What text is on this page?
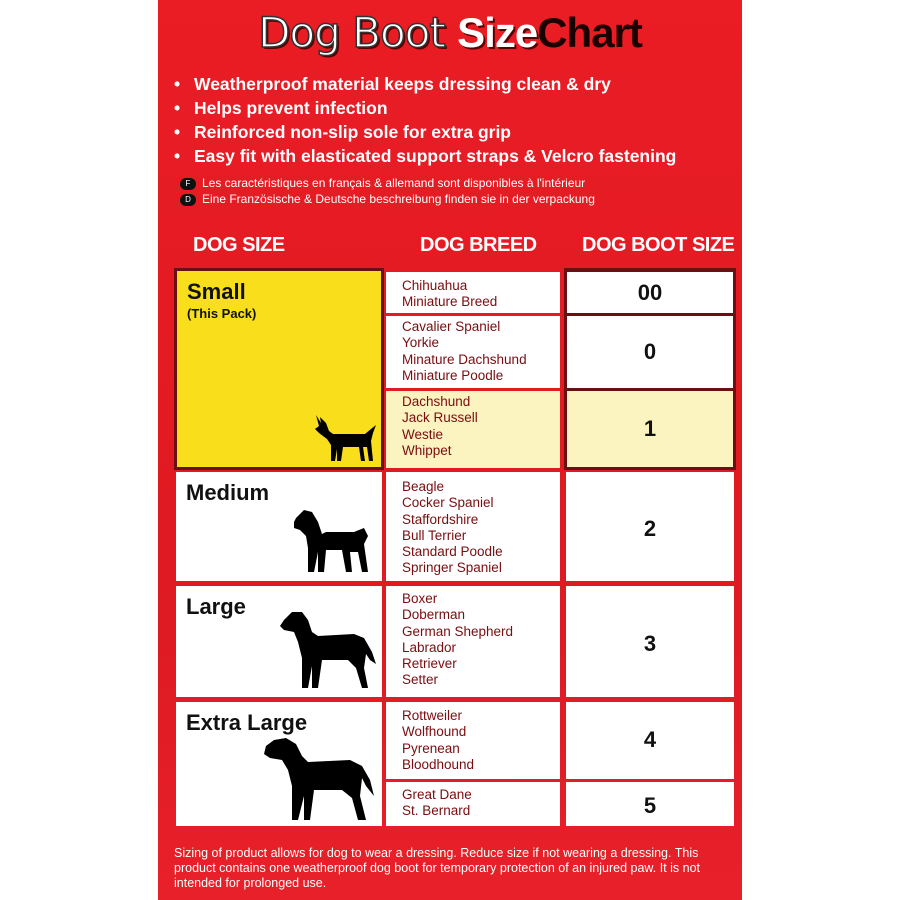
Dog Boot SizeChart
• Weatherproof material keeps dressing clean & dry
• Helps prevent infection
• Reinforced non-slip sole for extra grip
• Easy fit with elasticated support straps & Velcro fastening
F Les caractéristiques en français & allemand sont disponibles à l'intérieur
D Eine Französische & Deutsche beschreibung finden sie in der verpackung
DOG SIZE	DOG BREED DOG BOOT SIZE
Small
(This Pack)
Medium
Large
Extra Large
Chihuahua
Miniature Breed
Cavalier Spaniel
Yorkie
Minature Dachshund
Miniature Poodle
Dachshund
Jack Russell
Westie
Whippet
Beagle
Cocker Spaniel
Staffordshire
Bull Terrier
Standard Poodle
Springer Spaniel
Boxer
Doberman
German Shepherd
Labrador
Retriever
Setter
Rottweiler
Wolfhound
Pyrenean
Bloodhound
Great Dane
St. Bernard
00
0
1
2
3
4
5
Sizing of product allows for dog to wear a dressing. Reduce size if not wearing a dressing. This product contains one weatherproof dog boot for temporary protection of an injured paw. It is not intended for prolonged use.
